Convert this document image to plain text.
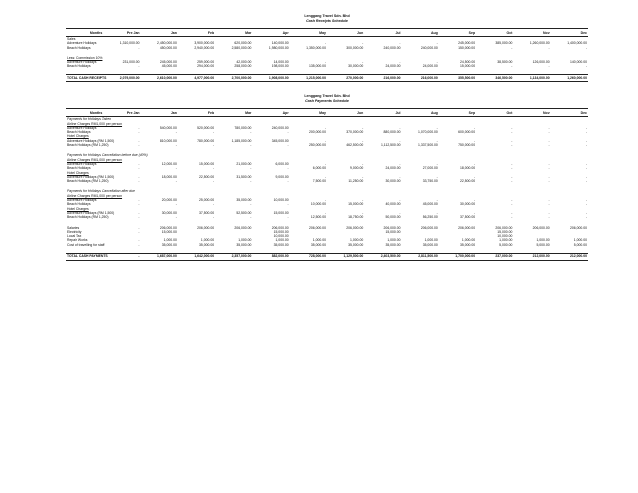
Lenggang Travel Sdn. Bhd
Cash Receipts Schedule
Months	Pre Jan	Jan	Feb	Mar	Apr	May	Jun	Jul	Aug	Sep	Oct	Nov	Dec
Sales													
Adventure Holidays	1,310,000.00	2,450,000.00	3,900,000.00	620,000.00	140,000.00	-	-	-	-	245,000.00	385,000.00	1,260,000.00	1,400,000.00
Beach Holidays	-	450,000.00	2,940,000.00	2,580,000.00	1,980,000.00	1,350,000.00	300,000.00	240,000.00	240,000.00	150,000.00	-	-	-

Less: Commission 10%													
Adventure Holidays	231,000.00	245,000.00	259,000.00	42,000.00	14,000.00	-	-	-	-	24,500.00	38,500.00	126,000.00	140,000.00
Beach Holidays	-	45,000.00	294,000.00	258,000.00	198,000.00	135,000.00	30,000.00	24,000.00	24,000.00	15,000.00	-	-	-

TOTAL CASH RECEIPTS	2,079,000.00	2,610,000.00	4,977,000.00	2,700,000.00	1,908,000.00	1,215,000.00	270,000.00	216,000.00	216,000.00	355,500.00	346,500.00	1,134,000.00	1,260,000.00
Lenggang Travel Sdn. Bhd
Cash Payments Schedule
Months	Pre Jan	Jan	Feb	Mar	Apr	May	Jun	Jul	Aug	Sep	Oct	Nov	Dec
Payments for Holidays Taken													
Airline Charges RM1,000 per person													
Adventure Holidays	-	540,000.00	520,000.00	780,000.00	240,000.00	-	-	-	-	-	-	-	-
Beach Holidays	-	-	-	-	-	200,000.00	370,000.00	880,000.00	1,070,000.00	600,000.00	-	-	-
Hotel Charges													
Adventure Holidays (RM 1,500)	-	810,000.00	780,000.00	1,185,000.00	345,000.00	-	-	-	-	-	-	-	-
Beach Holidays (RM 1,250)	-	-	-	-	-	250,000.00	462,500.00	1,112,500.00	1,337,500.00	750,000.00	-	-	-

Payments for Holidays Cancellation before due (40%)													
Airline Charges RM1,000 per person													
Adventure Holidays	-	12,000.00	15,000.00	21,000.00	6,000.00	-	-	-	-	-	-	-	-
Beach Holidays	-	-	-	-	-	6,000.00	9,000.00	24,000.00	27,000.00	18,000.00	-	-	-
Hotel Charges													
Adventure Holidays (RM 1,500)	-	18,000.00	22,500.00	31,500.00	9,000.00	-	-	-	-	-	-	-	-
Beach Holidays (RM 1,250)	-	-	-	-	-	7,500.00	11,250.00	30,000.00	33,750.00	22,500.00	-	-	-

Payments for Holidays Cancellation after due													
Airline Charges RM1,000 per person													
Adventure Holidays	-	20,000.00	25,000.00	35,000.00	10,000.00	-	-	-	-	-	-	-	-
Beach Holidays	-	-	-	-	-	10,000.00	15,000.00	40,000.00	45,000.00	30,000.00	-	-	-
Hotel Charges													
Adventure Holidays (RM 1,500)	-	30,000.00	37,500.00	52,500.00	15,000.00	-	-	-	-	-	-	-	-
Beach Holidays (RM 1,250)	-	-	-	-	-	12,500.00	18,750.00	50,000.00	56,250.00	37,500.00	-	-	-

Salaries	-	206,000.00	206,000.00	206,000.00	206,000.00	206,000.00	206,000.00	206,000.00	206,000.00	206,000.00	206,000.00	206,000.00	206,000.00
Electricity	-	15,000.00			15,000.00			15,000.00			15,000.00		
Local Tax					10,000.00						10,000.00		
Repair Works	-	1,000.00	1,000.00	1,000.00	1,000.00	1,000.00	1,000.00	1,000.00	1,000.00	1,000.00	1,000.00	1,000.00	1,000.00
Cost of travelling for staff	-	35,000.00	35,000.00	35,000.00	35,000.00	35,000.00	35,000.00	35,000.00	35,000.00	35,000.00	5,000.00	5,000.00	5,000.00

TOTAL CASH PAYMENTS	-	1,687,000.00	1,642,000.00	2,357,000.00	882,000.00	728,000.00	1,129,500.00	2,403,500.00	2,811,500.00	1,700,000.00	237,000.00	212,000.00	212,000.00
